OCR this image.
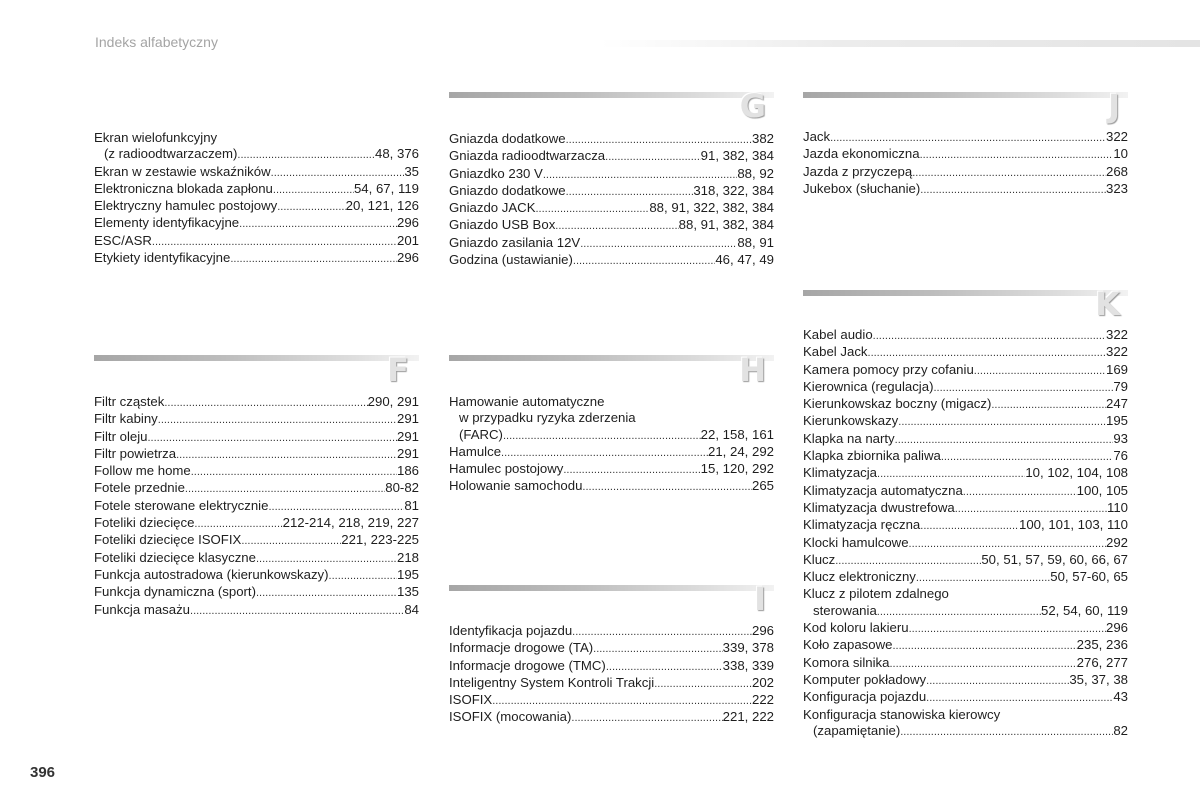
Indeks alfabetyczny
Ekran wielofunkcyjny
(z radioodtwarzaczem) .....	48, 376
Ekran w zestawie wskaźników .....	35
Elektroniczna blokada zapłonu .....	54, 67, 119
Elektryczny hamulec postojowy .....	20, 121, 126
Elementy identyfikacyjne .....	296
ESC/ASR .....	201
Etykiety identyfikacyjne .....	296
F
Filtr cząstek .....	290, 291
Filtr kabiny .....	291
Filtr oleju .....	291
Filtr powietrza .....	291
Follow me home .....	186
Fotele przednie .....	80-82
Fotele sterowane elektrycznie .....	81
Foteliki dziecięce .....	212-214, 218, 219, 227
Foteliki dziecięce ISOFIX .....	221, 223-225
Foteliki dziecięce klasyczne .....	218
Funkcja autostradowa (kierunkowskazy) .....	195
Funkcja dynamiczna (sport) .....	135
Funkcja masażu .....	84
G
Gniazda dodatkowe .....	382
Gniazda radioodtwarzacza .....	91, 382, 384
Gniazdko 230 V .....	88, 92
Gniazdo dodatkowe .....	318, 322, 384
Gniazdo JACK .....	88, 91, 322, 382, 384
Gniazdo USB Box .....	88, 91, 382, 384
Gniazdo zasilania 12V .....	88, 91
Godzina (ustawianie) .....	46, 47, 49
H
Hamowanie automatyczne
w przypadku ryzyka zderzenia
(FARC) .....	22, 158, 161
Hamulce .....	21, 24, 292
Hamulec postojowy .....	15, 120, 292
Holowanie samochodu .....	265
I
Identyfikacja pojazdu .....	296
Informacje drogowe (TA) .....	339, 378
Informacje drogowe (TMC) .....	338, 339
Inteligentny System Kontroli Trakcji .....	202
ISOFIX .....	222
ISOFIX (mocowania) .....	221, 222
J
Jack .....	322
Jazda ekonomiczna .....	10
Jazda z przyczepą .....	268
Jukebox (słuchanie) .....	323
K
Kabel audio .....	322
Kabel Jack .....	322
Kamera pomocy przy cofaniu .....	169
Kierownica (regulacja) .....	79
Kierunkowskaz boczny (migacz) .....	247
Kierunkowskazy .....	195
Klapka na narty .....	93
Klapka zbiornika paliwa .....	76
Klimatyzacja .....	10, 102, 104, 108
Klimatyzacja automatyczna .....	100, 105
Klimatyzacja dwustrefowa .....	110
Klimatyzacja ręczna .....	100, 101, 103, 110
Klocki hamulcowe .....	292
Klucz .....	50, 51, 57, 59, 60, 66, 67
Klucz elektroniczny .....	50, 57-60, 65
Klucz z pilotem zdalnego
sterowania .....	52, 54, 60, 119
Kod koloru lakieru .....	296
Koło zapasowe .....	235, 236
Komora silnika .....	276, 277
Komputer pokładowy .....	35, 37, 38
Konfiguracja pojazdu .....	43
Konfiguracja stanowiska kierowcy
(zapamiętanie) .....	82
396
